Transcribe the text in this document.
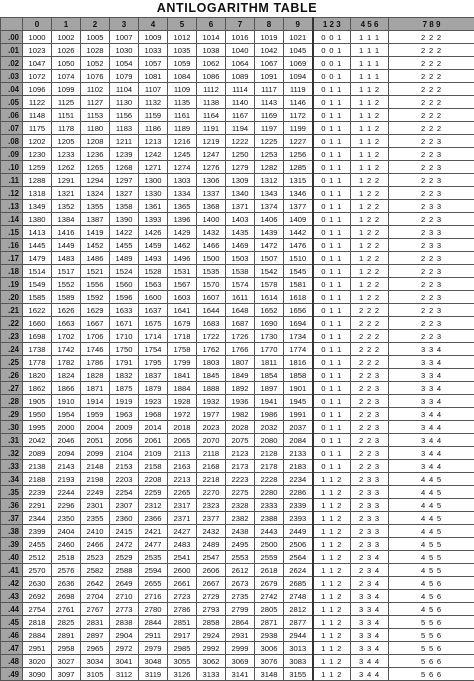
ANTILOGARITHM TABLE
	0	1	2	3	4	5	6	7	8	9	1 2 3	4 5 6	7 8 9
.00	1000	1002	1005	1007	1009	1012	1014	1016	1019	1021	0 0 1	1 1 1	2 2 2
.01	1023	1026	1028	1030	1033	1035	1038	1040	1042	1045	0 0 1	1 1 1	2 2 2
.02	1047	1050	1052	1054	1057	1059	1062	1064	1067	1069	0 0 1	1 1 1	2 2 2
.03	1072	1074	1076	1079	1081	1084	1086	1089	1091	1094	0 0 1	1 1 1	2 2 2
.04	1096	1099	1102	1104	1107	1109	1112	1114	1117	1119	0 1 1	1 1 2	2 2 2
.05	1122	1125	1127	1130	1132	1135	1138	1140	1143	1146	0 1 1	1 1 2	2 2 2
.06	1148	1151	1153	1156	1159	1161	1164	1167	1169	1172	0 1 1	1 1 2	2 2 2
.07	1175	1178	1180	1183	1186	1189	1191	1194	1197	1199	0 1 1	1 1 2	2 2 2
.08	1202	1205	1208	1211	1213	1216	1219	1222	1225	1227	0 1 1	1 1 2	2 2 3
.09	1230	1233	1236	1239	1242	1245	1247	1250	1253	1256	0 1 1	1 1 2	2 2 3
.10	1259	1262	1265	1268	1271	1274	1276	1279	1282	1285	0 1 1	1 1 2	2 2 3
.11	1288	1291	1294	1297	1300	1303	1306	1309	1312	1315	0 1 1	1 2 2	2 2 3
.12	1318	1321	1324	1327	1330	1334	1337	1340	1343	1346	0 1 1	1 2 2	2 2 3
.13	1349	1352	1355	1358	1361	1365	1368	1371	1374	1377	0 1 1	1 2 2	2 3 3
.14	1380	1384	1387	1390	1393	1396	1400	1403	1406	1409	0 1 1	1 2 2	2 2 3
.15	1413	1416	1419	1422	1426	1429	1432	1435	1439	1442	0 1 1	1 2 2	2 3 3
.16	1445	1449	1452	1455	1459	1462	1466	1469	1472	1476	0 1 1	1 2 2	2 3 3
.17	1479	1483	1486	1489	1493	1496	1500	1503	1507	1510	0 1 1	1 2 2	2 2 3
.18	1514	1517	1521	1524	1528	1531	1535	1538	1542	1545	0 1 1	1 2 2	2 2 3
.19	1549	1552	1556	1560	1563	1567	1570	1574	1578	1581	0 1 1	1 2 2	2 2 3
.20	1585	1589	1592	1596	1600	1603	1607	1611	1614	1618	0 1 1	1 2 2	2 2 3
.21	1622	1626	1629	1633	1637	1641	1644	1648	1652	1656	0 1 1	2 2 2	2 2 3
.22	1660	1663	1667	1671	1675	1679	1683	1687	1690	1694	0 1 1	2 2 2	2 2 3
.23	1698	1702	1706	1710	1714	1718	1722	1726	1730	1734	0 1 1	2 2 2	2 2 3
.24	1738	1742	1746	1750	1754	1758	1762	1766	1770	1774	0 1 1	2 2 2	3 3 4
.25	1778	1782	1786	1791	1795	1799	1803	1807	1811	1816	0 1 1	2 2 2	3 3 4
.26	1820	1824	1828	1832	1837	1841	1845	1849	1854	1858	0 1 1	2 2 3	3 3 4
.27	1862	1866	1871	1875	1879	1884	1888	1892	1897	1901	0 1 1	2 2 3	3 3 4
.28	1905	1910	1914	1919	1923	1928	1932	1936	1941	1945	0 1 1	2 2 3	3 3 4
.29	1950	1954	1959	1963	1968	1972	1977	1982	1986	1991	0 1 1	2 2 3	3 4 4
.30	1995	2000	2004	2009	2014	2018	2023	2028	2032	2037	0 1 1	2 2 3	3 4 4
.31	2042	2046	2051	2056	2061	2065	2070	2075	2080	2084	0 1 1	2 2 3	3 4 4
.32	2089	2094	2099	2104	2109	2113	2118	2123	2128	2133	0 1 1	2 2 3	3 4 4
.33	2138	2143	2148	2153	2158	2163	2168	2173	2178	2183	0 1 1	2 2 3	3 4 4
.34	2188	2193	2198	2203	2208	2213	2218	2223	2228	2234	1 1 2	2 3 3	4 4 5
.35	2239	2244	2249	2254	2259	2265	2270	2275	2280	2286	1 1 2	2 3 3	4 4 5
.36	2291	2296	2301	2307	2312	2317	2323	2328	2333	2339	1 1 2	2 3 3	4 4 5
.37	2344	2350	2355	2360	2366	2371	2377	2382	2388	2393	1 1 2	2 3 3	4 4 5
.38	2399	2404	2410	2415	2421	2427	2432	2438	2443	2449	1 1 2	2 3 3	4 4 5
.39	2455	2460	2466	2472	2477	2483	2489	2495	2500	2506	1 1 2	2 3 3	4 5 5
.40	2512	2518	2523	2529	2535	2541	2547	2553	2559	2564	1 1 2	2 3 4	4 5 5
.41	2570	2576	2582	2588	2594	2600	2606	2612	2618	2624	1 1 2	2 3 4	4 5 5
.42	2630	2636	2642	2649	2655	2661	2667	2673	2679	2685	1 1 2	2 3 4	4 5 6
.43	2692	2698	2704	2710	2716	2723	2729	2735	2742	2748	1 1 2	3 3 4	4 5 6
.44	2754	2761	2767	2773	2780	2786	2793	2799	2805	2812	1 1 2	3 3 4	4 5 6
.45	2818	2825	2831	2838	2844	2851	2858	2864	2871	2877	1 1 2	3 3 4	5 5 6
.46	2884	2891	2897	2904	2911	2917	2924	2931	2938	2944	1 1 2	3 3 4	5 5 6
.47	2951	2958	2965	2972	2979	2985	2992	2999	3006	3013	1 1 2	3 3 4	5 5 6
.48	3020	3027	3034	3041	3048	3055	3062	3069	3076	3083	1 1 2	3 4 4	5 6 6
.49	3090	3097	3105	3112	3119	3126	3133	3141	3148	3155	1 1 2	3 4 4	5 6 6
